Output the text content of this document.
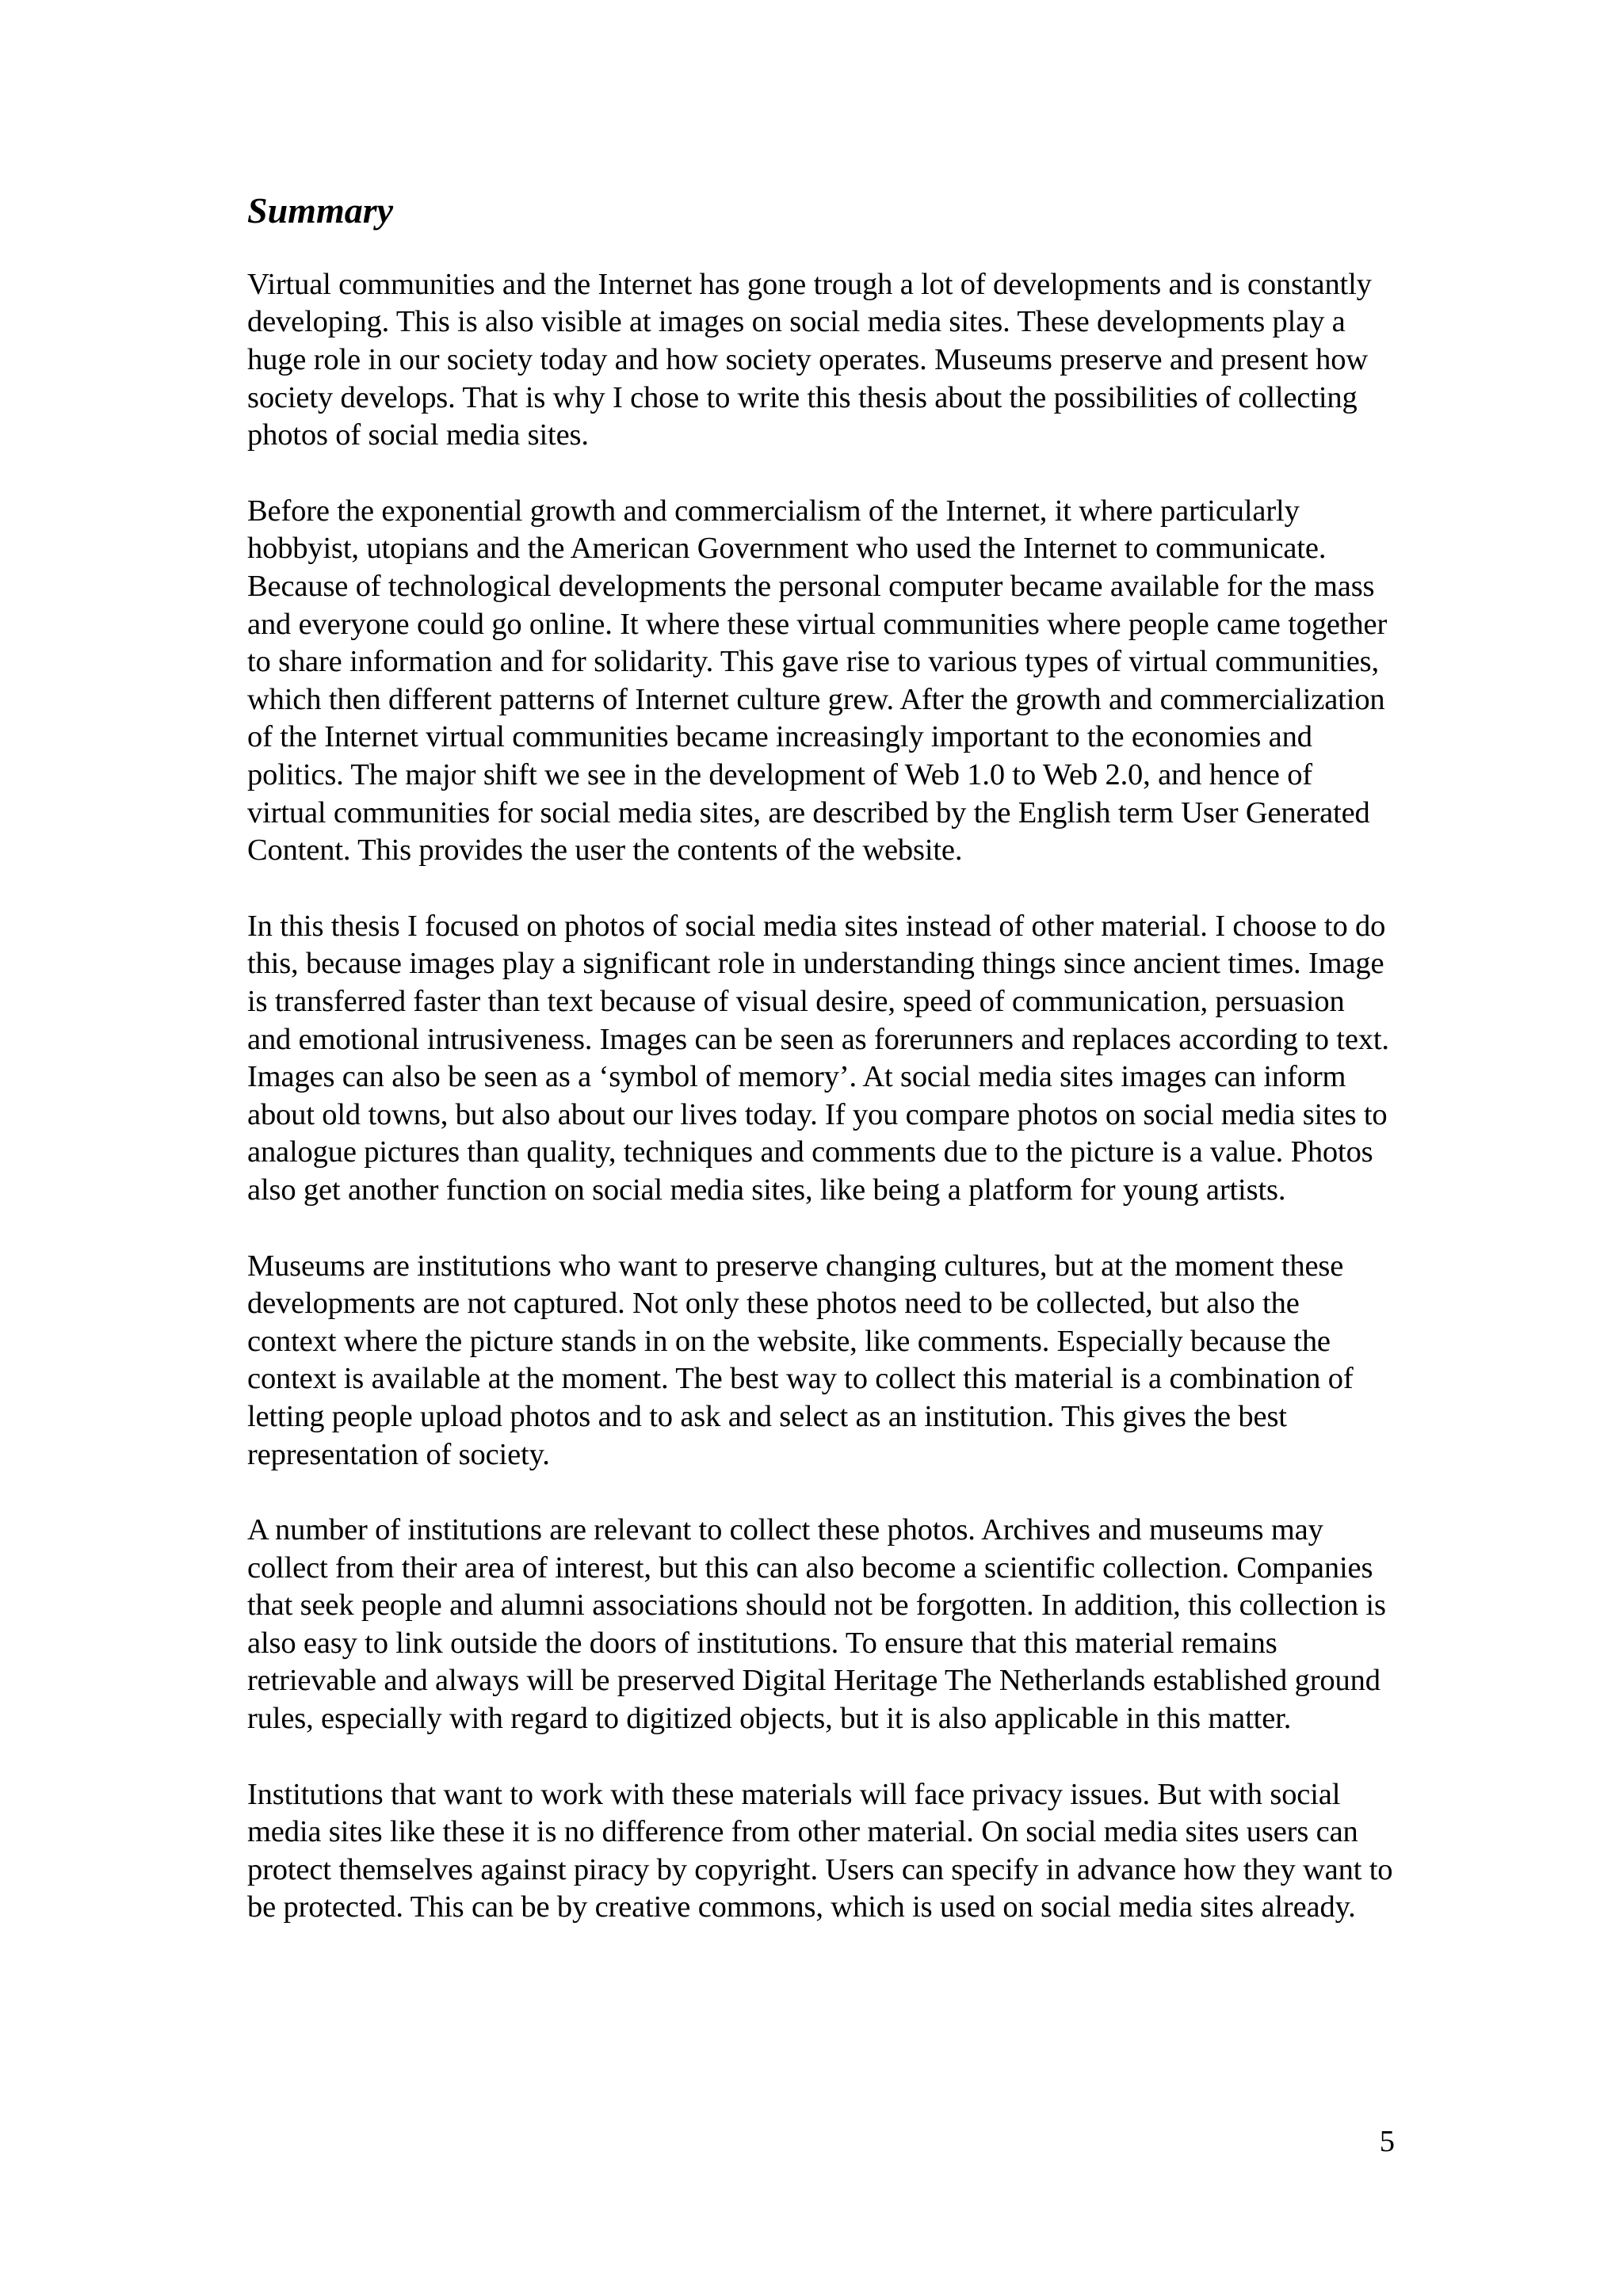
Summary

Virtual communities and the Internet has gone trough a lot of developments and is constantly developing. This is also visible at images on social media sites. These developments play a huge role in our society today and how society operates. Museums preserve and present how society develops. That is why I chose to write this thesis about the possibilities of collecting photos of social media sites.

Before the exponential growth and commercialism of the Internet, it where particularly hobbyist, utopians and the American Government who used the Internet to communicate. Because of technological developments the personal computer became available for the mass and everyone could go online. It where these virtual communities where people came together to share information and for solidarity. This gave rise to various types of virtual communities, which then different patterns of Internet culture grew. After the growth and commercialization of the Internet virtual communities became increasingly important to the economies and politics. The major shift we see in the development of Web 1.0 to Web 2.0, and hence of virtual communities for social media sites, are described by the English term User Generated Content. This provides the user the contents of the website.

In this thesis I focused on photos of social media sites instead of other material. I choose to do this, because images play a significant role in understanding things since ancient times. Image is transferred faster than text because of visual desire, speed of communication, persuasion and emotional intrusiveness. Images can be seen as forerunners and replaces according to text. Images can also be seen as a ‘symbol of memory’. At social media sites images can inform about old towns, but also about our lives today. If you compare photos on social media sites to analogue pictures than quality, techniques and comments due to the picture is a value. Photos also get another function on social media sites, like being a platform for young artists.

Museums are institutions who want to preserve changing cultures, but at the moment these developments are not captured. Not only these photos need to be collected, but also the context where the picture stands in on the website, like comments. Especially because the context is available at the moment. The best way to collect this material is a combination of letting people upload photos and to ask and select as an institution. This gives the best representation of society.

A number of institutions are relevant to collect these photos. Archives and museums may collect from their area of interest, but this can also become a scientific collection. Companies that seek people and alumni associations should not be forgotten. In addition, this collection is also easy to link outside the doors of institutions. To ensure that this material remains retrievable and always will be preserved Digital Heritage The Netherlands established ground rules, especially with regard to digitized objects, but it is also applicable in this matter.

Institutions that want to work with these materials will face privacy issues. But with social media sites like these it is no difference from other material. On social media sites users can protect themselves against piracy by copyright. Users can specify in advance how they want to be protected. This can be by creative commons, which is used on social media sites already.

5
